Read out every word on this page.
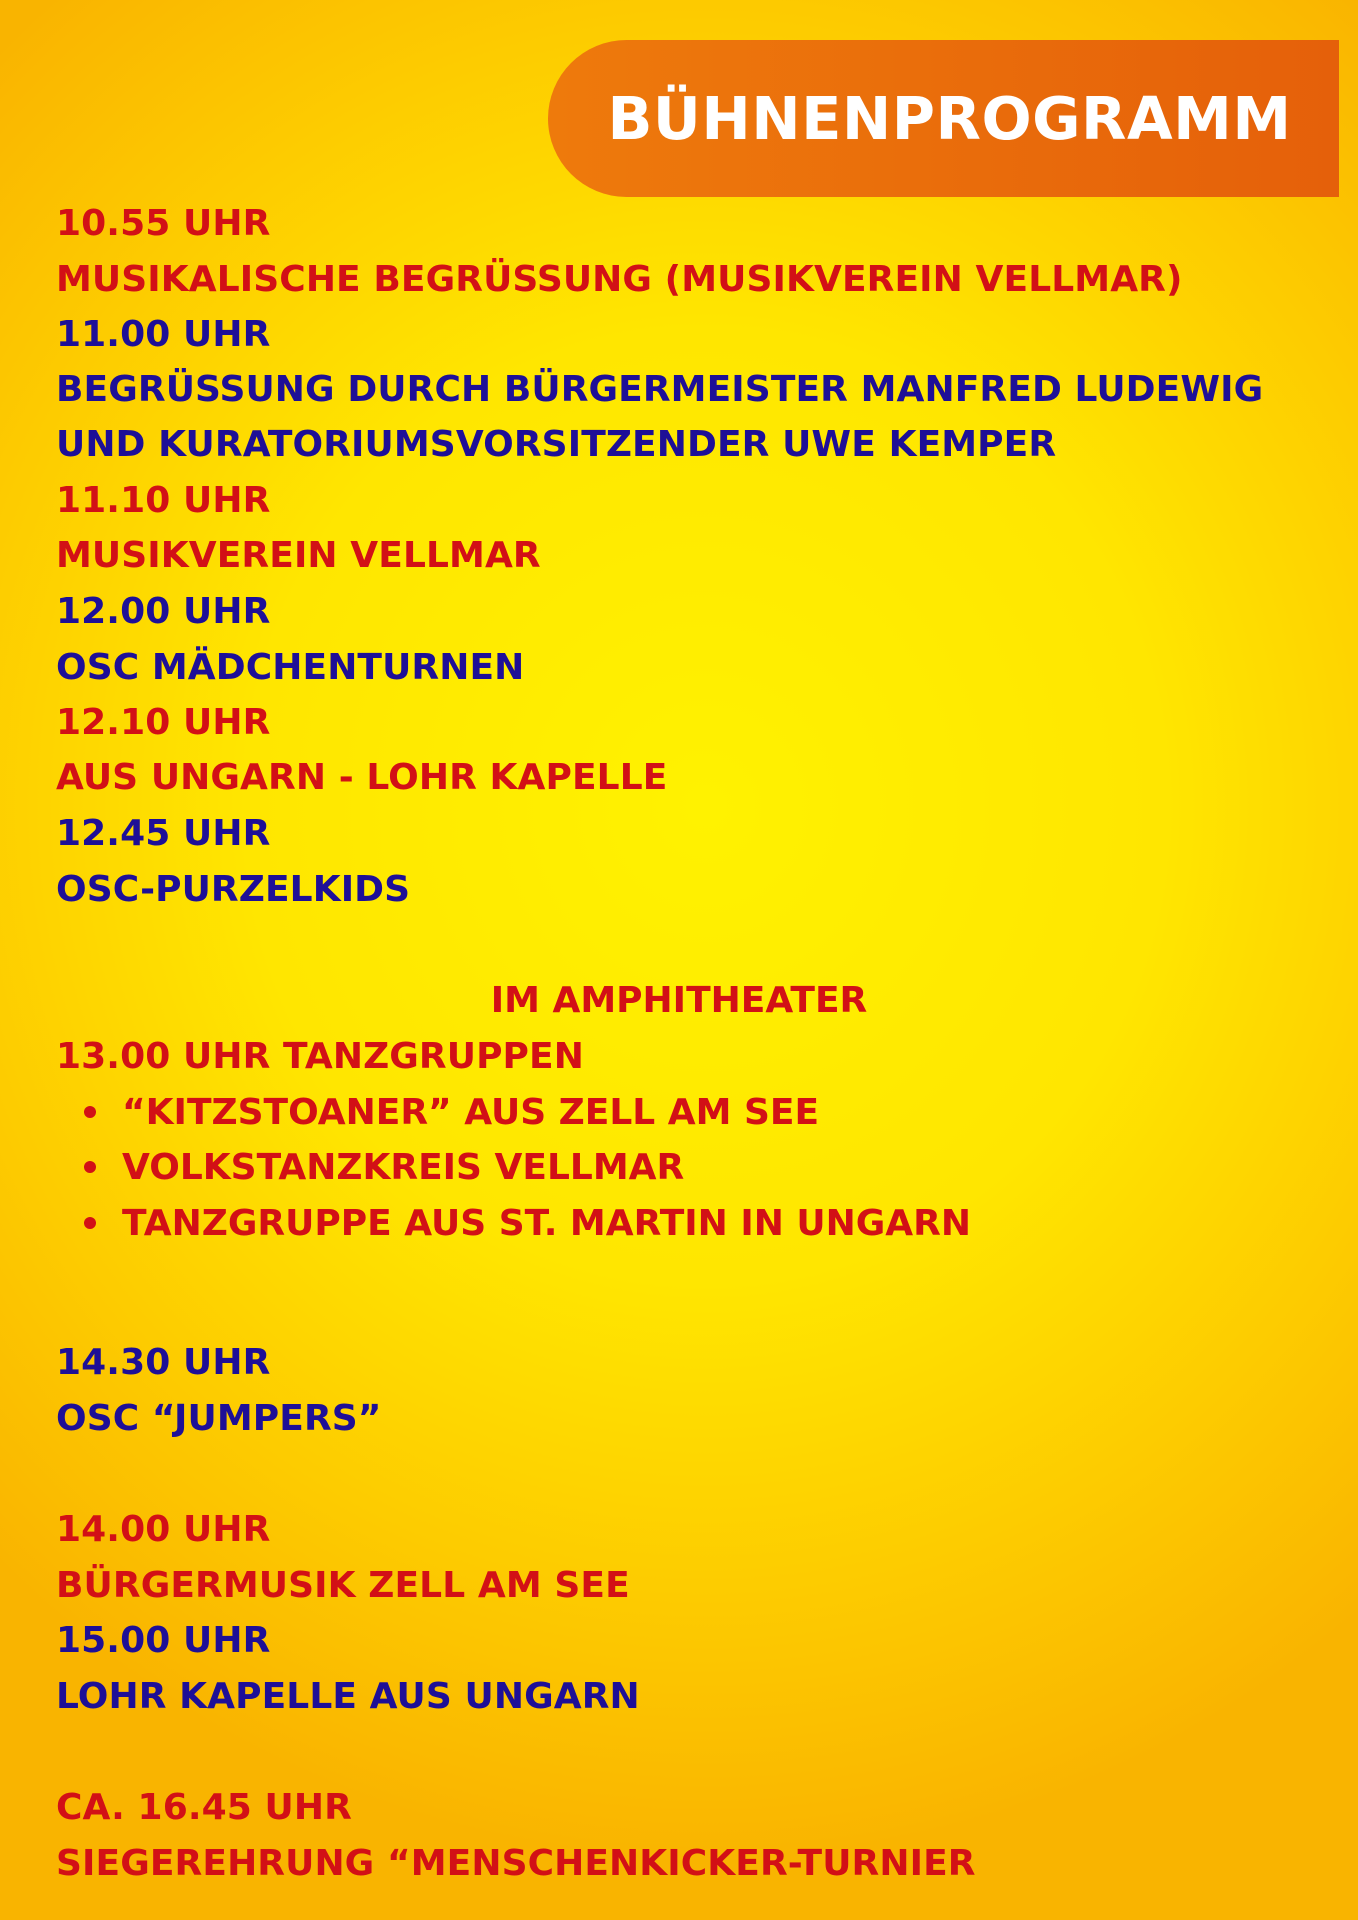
BÜHNENPROGRAMM
10.55 UHR
MUSIKALISCHE BEGRÜSSUNG (MUSIKVEREIN VELLMAR)
11.00 UHR
BEGRÜSSUNG DURCH BÜRGERMEISTER MANFRED LUDEWIG
UND KURATORIUMSVORSITZENDER UWE KEMPER
11.10 UHR
MUSIKVEREIN VELLMAR
12.00 UHR
OSC MÄDCHENTURNEN
12.10 UHR
AUS UNGARN - LOHR KAPELLE
12.45 UHR
OSC-PURZELKIDS
IM AMPHITHEATER
13.00 UHR TANZGRUPPEN
“KITZSTOANER” AUS ZELL AM SEE
VOLKSTANZKREIS VELLMAR
TANZGRUPPE AUS ST. MARTIN IN UNGARN
14.30 UHR
OSC “JUMPERS”
14.00 UHR
BÜRGERMUSIK ZELL AM SEE
15.00 UHR
LOHR KAPELLE AUS UNGARN
CA. 16.45 UHR
SIEGEREHRUNG “MENSCHENKICKER-TURNIER
